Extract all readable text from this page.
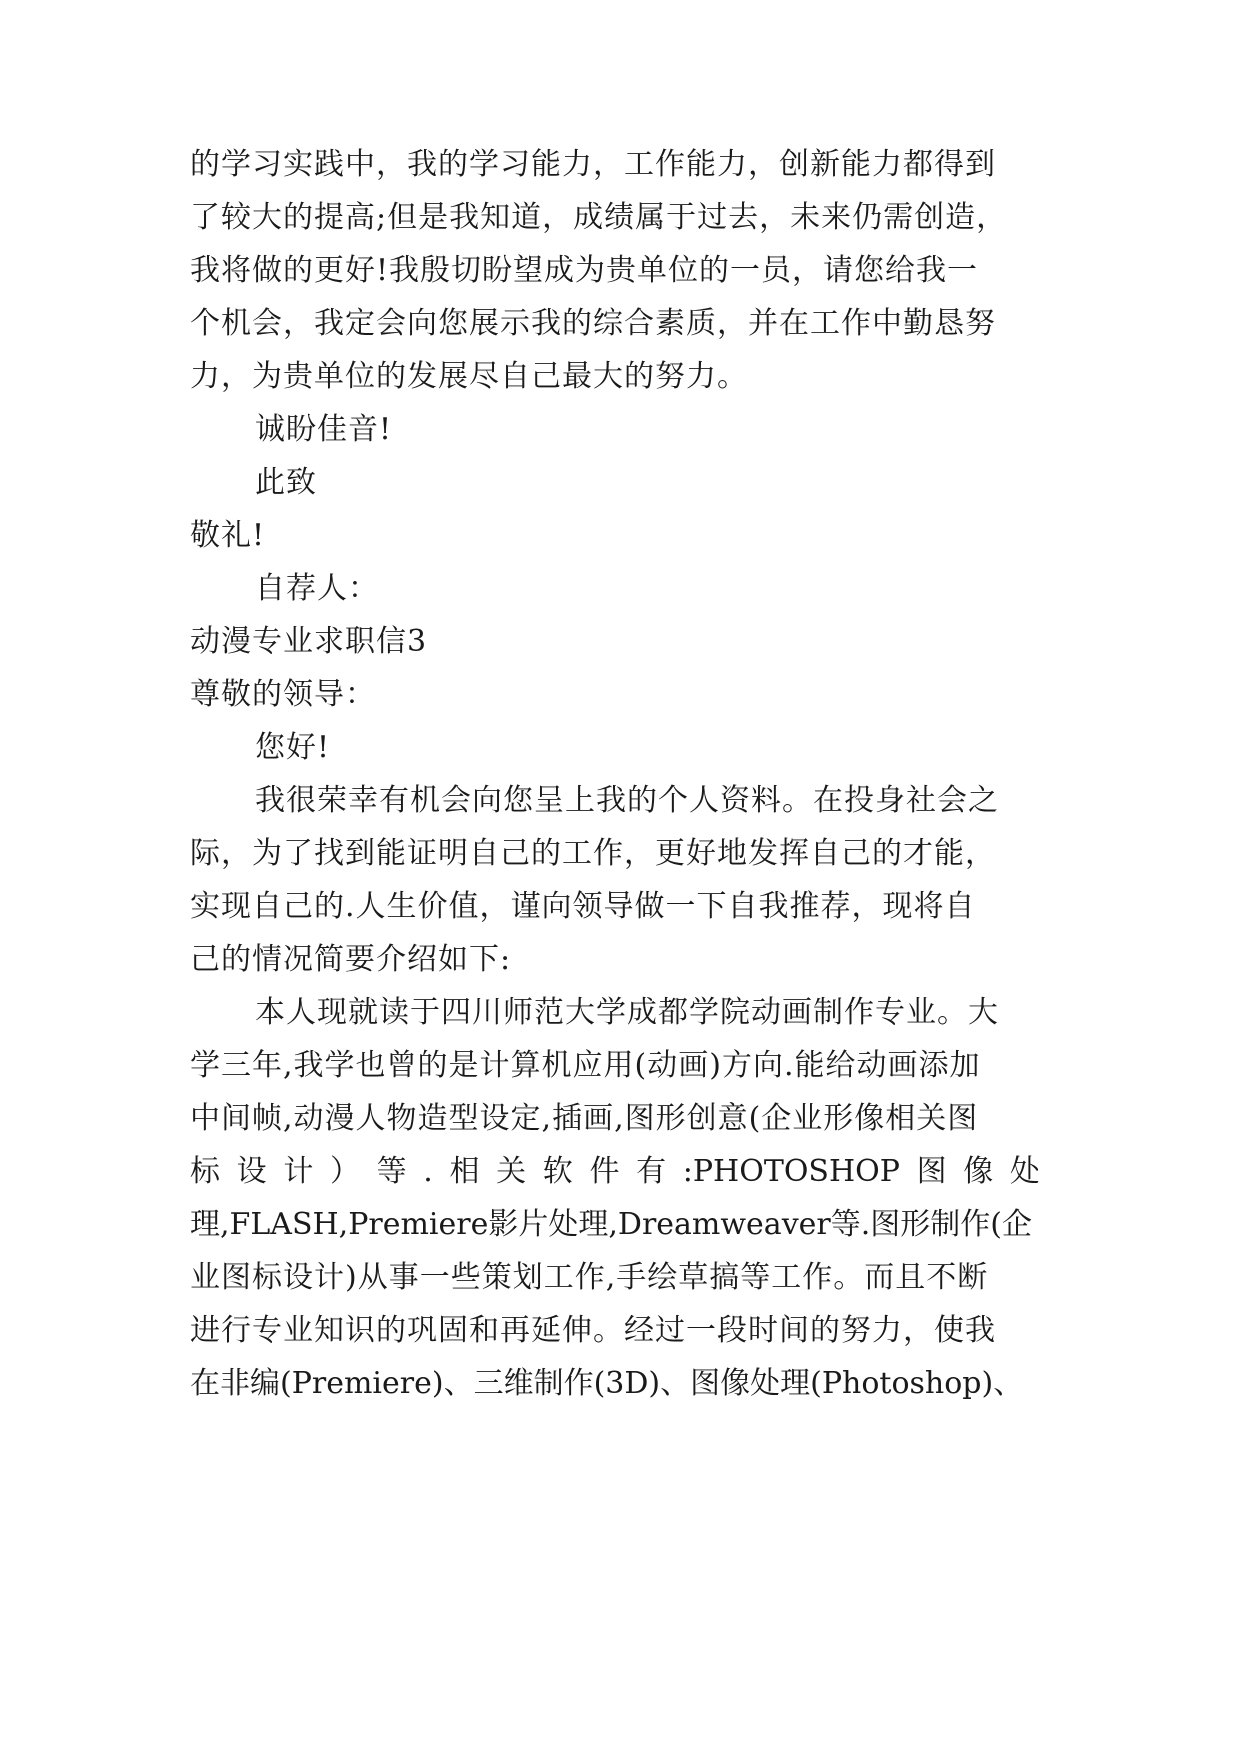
的学习实践中，我的学习能力，工作能力，创新能力都得到
了较大的提高;但是我知道，成绩属于过去，未来仍需创造，
我将做的更好!我殷切盼望成为贵单位的一员，请您给我一
个机会，我定会向您展示我的综合素质，并在工作中勤恳努
力，为贵单位的发展尽自己最大的努力。
诚盼佳音!
此致
敬礼!
自荐人：
动漫专业求职信3
尊敬的领导：
您好!
我很荣幸有机会向您呈上我的个人资料。在投身社会之
际，为了找到能证明自己的工作，更好地发挥自己的才能，
实现自己的.人生价值，谨向领导做一下自我推荐，现将自
己的情况简要介绍如下:
本人现就读于四川师范大学成都学院动画制作专业。大
学三年,我学也曾的是计算机应用(动画)方向.能给动画添加
中间帧,动漫人物造型设定,插画,图形创意(企业形像相关图
标 设 计 ） 等 . 相 关 软 件 有 :PHOTOSHOP 图 像 处
理,FLASH,Premiere影片处理,Dreamweaver等.图形制作(企
业图标设计)从事一些策划工作,手绘草搞等工作。而且不断
进行专业知识的巩固和再延伸。经过一段时间的努力，使我
在非编(Premiere)、三维制作(3D)、图像处理(Photoshop)、
